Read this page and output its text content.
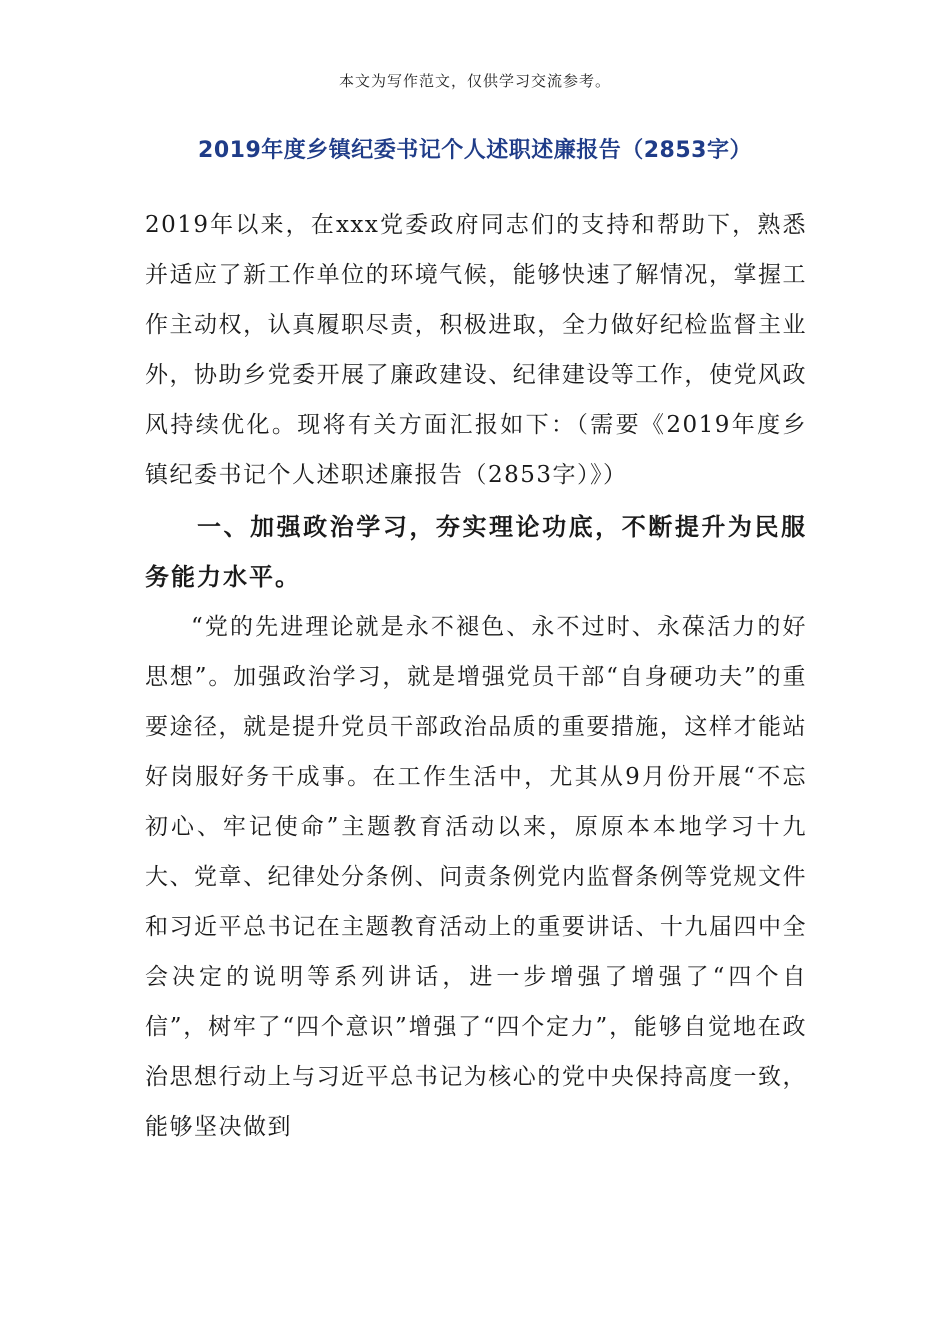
本文为写作范文，仅供学习交流参考。
2019年度乡镇纪委书记个人述职述廉报告（2853字）

2019年以来，在xxx党委政府同志们的支持和帮助下，熟悉并适应了新工作单位的环境气候，能够快速了解情况，掌握工作主动权，认真履职尽责，积极进取，全力做好纪检监督主业外，协助乡党委开展了廉政建设、纪律建设等工作，使党风政风持续优化。现将有关方面汇报如下：（需要《2019年度乡镇纪委书记个人述职述廉报告（2853字）》）

一、加强政治学习，夯实理论功底，不断提升为民服务能力水平。

“党的先进理论就是永不褪色、永不过时、永葆活力的好思想”。加强政治学习，就是增强党员干部“自身硬功夫”的重要途径，就是提升党员干部政治品质的重要措施，这样才能站好岗服好务干成事。在工作生活中，尤其从9月份开展“不忘初心、牢记使命”主题教育活动以来，原原本本地学习十九大、党章、纪律处分条例、问责条例党内监督条例等党规文件和习近平总书记在主题教育活动上的重要讲话、十九届四中全会决定的说明等系列讲话，进一步增强了增强了“四个自信”，树牢了“四个意识”增强了“四个定力”，能够自觉地在政治思想行动上与习近平总书记为核心的党中央保持高度一致，能够坚决做到
